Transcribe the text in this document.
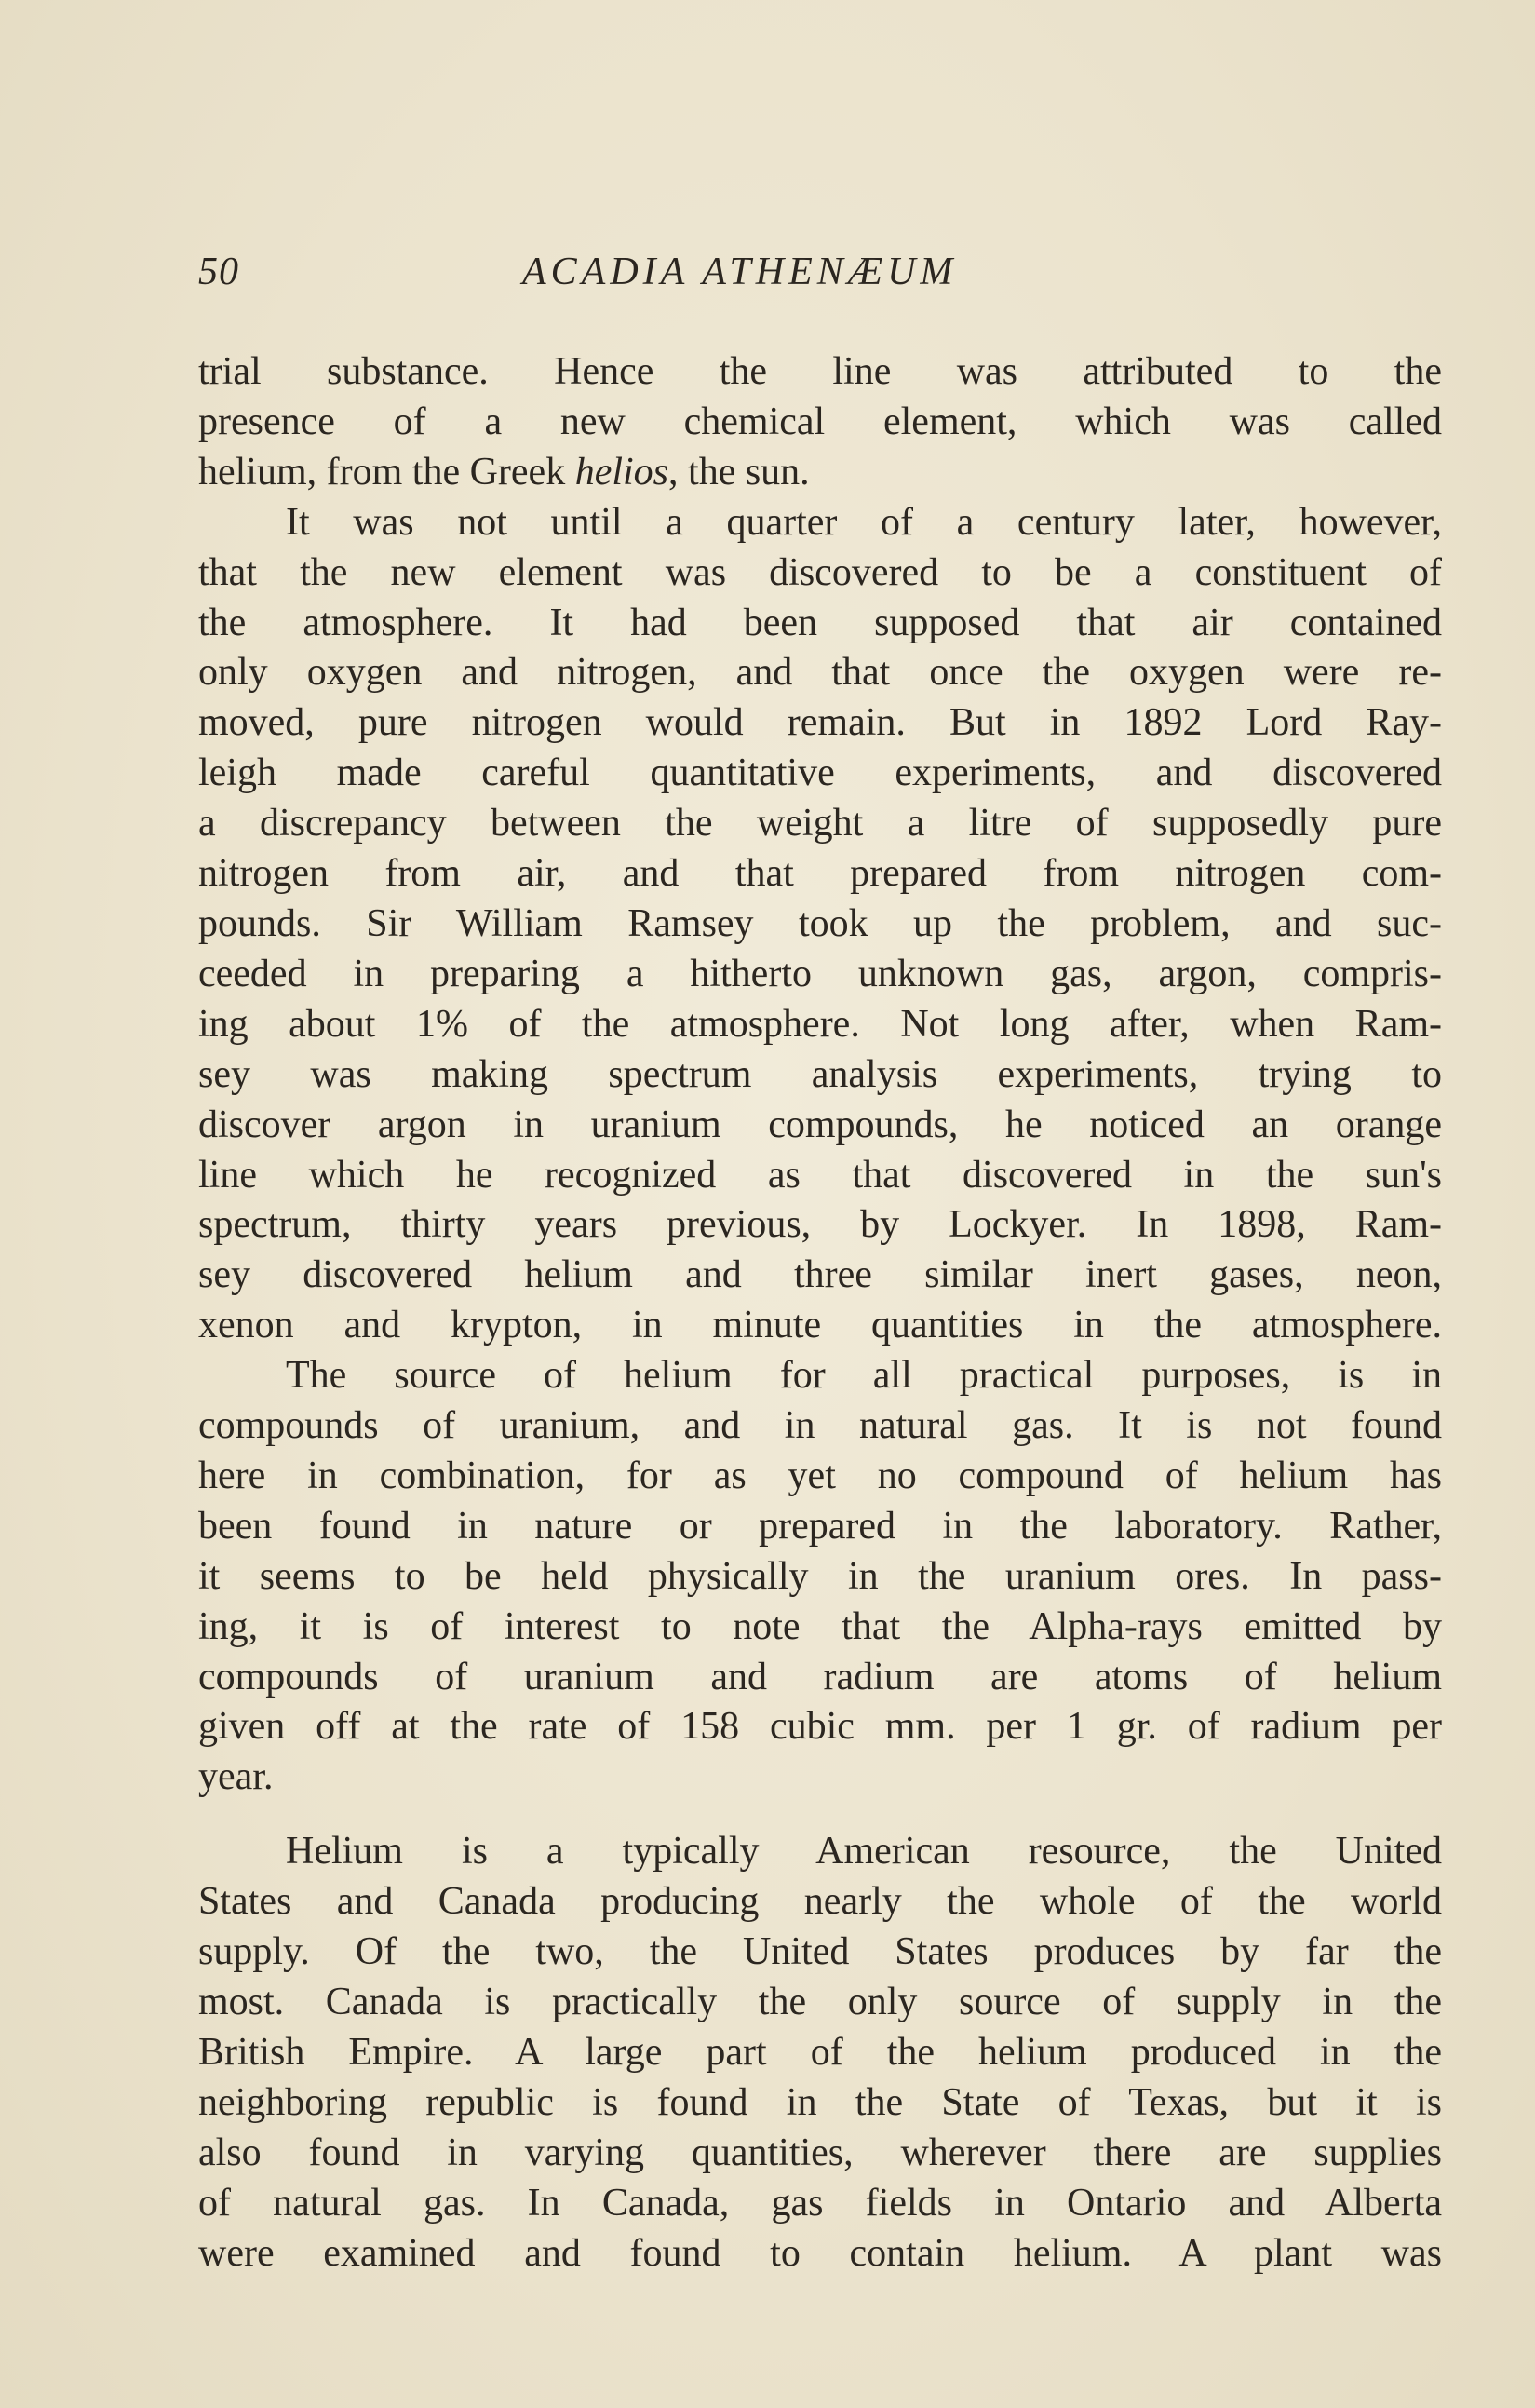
50	ACADIA ATHENÆUM
trial substance. Hence the line was attributed to the
presence of a new chemical element, which was called
helium, from the Greek helios, the sun.
It was not until a quarter of a century later, however,
that the new element was discovered to be a constituent of
the atmosphere. It had been supposed that air contained
only oxygen and nitrogen, and that once the oxygen were re-
moved, pure nitrogen would remain. But in 1892 Lord Ray-
leigh made careful quantitative experiments, and discovered
a discrepancy between the weight a litre of supposedly pure
nitrogen from air, and that prepared from nitrogen com-
pounds. Sir William Ramsey took up the problem, and suc-
ceeded in preparing a hitherto unknown gas, argon, compris-
ing about 1% of the atmosphere. Not long after, when Ram-
sey was making spectrum analysis experiments, trying to
discover argon in uranium compounds, he noticed an orange
line which he recognized as that discovered in the sun's
spectrum, thirty years previous, by Lockyer. In 1898, Ram-
sey discovered helium and three similar inert gases, neon,
xenon and krypton, in minute quantities in the atmosphere.
The source of helium for all practical purposes, is in
compounds of uranium, and in natural gas. It is not found
here in combination, for as yet no compound of helium has
been found in nature or prepared in the laboratory. Rather,
it seems to be held physically in the uranium ores. In pass-
ing, it is of interest to note that the Alpha-rays emitted by
compounds of uranium and radium are atoms of helium
given off at the rate of 158 cubic mm. per 1 gr. of radium per
year.
Helium is a typically American resource, the United
States and Canada producing nearly the whole of the world
supply. Of the two, the United States produces by far the
most. Canada is practically the only source of supply in the
British Empire. A large part of the helium produced in the
neighboring republic is found in the State of Texas, but it is
also found in varying quantities, wherever there are supplies
of natural gas. In Canada, gas fields in Ontario and Alberta
were examined and found to contain helium. A plant was
